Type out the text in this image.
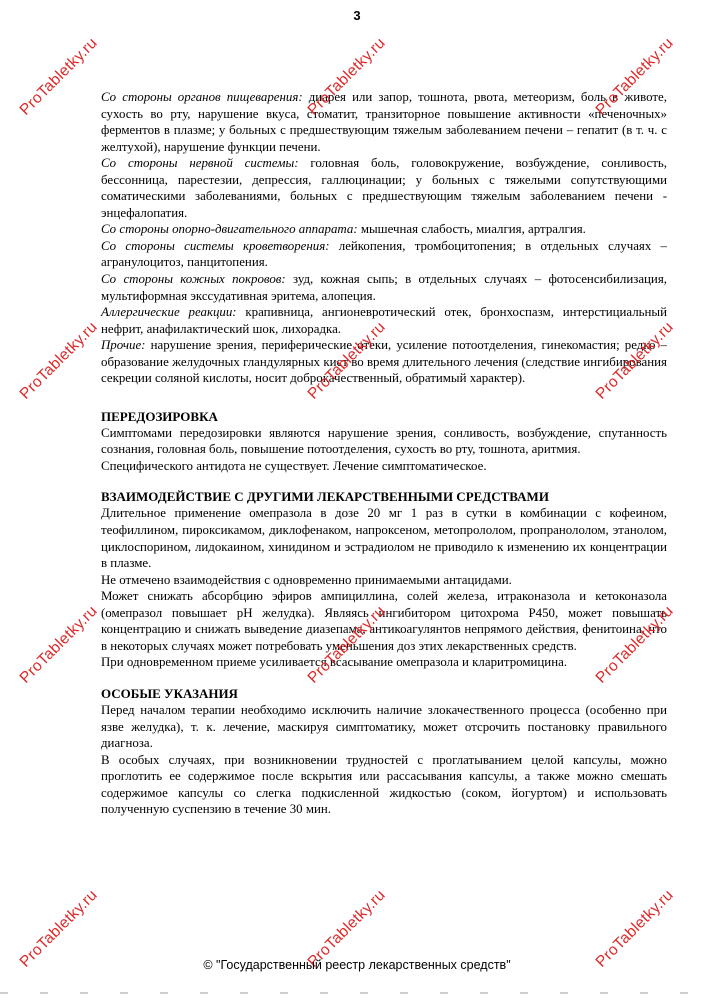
3

Со стороны органов пищеварения: диарея или запор, тошнота, рвота, метеоризм, боль в животе, сухость во рту, нарушение вкуса, стоматит, транзиторное повышение активности «печеночных» ферментов в плазме; у больных с предшествующим тяжелым заболеванием печени – гепатит (в т. ч. с желтухой), нарушение функции печени.

Со стороны нервной системы: головная боль, головокружение, возбуждение, сонливость, бессонница, парестезии, депрессия, галлюцинации; у больных с тяжелыми сопутствующими соматическими заболеваниями, больных с предшествующим тяжелым заболеванием печени - энцефалопатия.

Со стороны опорно-двигательного аппарата: мышечная слабость, миалгия, артралгия.

Со стороны системы кроветворения: лейкопения, тромбоцитопения; в отдельных случаях – агранулоцитоз, панцитопения.

Со стороны кожных покровов: зуд, кожная сыпь; в отдельных случаях – фотосенсибилизация, мультиформная экссудативная эритема, алопеция.

Аллергические реакции: крапивница, ангионевротический отек, бронхоспазм, интерстициальный нефрит, анафилактический шок, лихорадка.

Прочие: нарушение зрения, периферические отеки, усиление потоотделения, гинекомастия; редко – образование желудочных гландулярных кист во время длительного лечения (следствие ингибирования секреции соляной кислоты, носит доброкачественный, обратимый характер).

ПЕРЕДОЗИРОВКА

Симптомами передозировки являются нарушение зрения, сонливость, возбуждение, спутанность сознания, головная боль, повышение потоотделения, сухость во рту, тошнота, аритмия.

Специфического антидота не существует. Лечение симптоматическое.

ВЗАИМОДЕЙСТВИЕ С ДРУГИМИ ЛЕКАРСТВЕННЫМИ СРЕДСТВАМИ

Длительное применение омепразола в дозе 20 мг 1 раз в сутки в комбинации с кофеином, теофиллином, пироксикамом, диклофенаком, напроксеном, метопрололом, пропранололом, этанолом, циклоспорином, лидокаином, хинидином и эстрадиолом не приводило к изменению их концентрации в плазме.

Не отмечено взаимодействия с одновременно принимаемыми антацидами.

Может снижать абсорбцию эфиров ампициллина, солей железа, итраконазола и кетоконазола (омепразол повышает pH желудка). Являясь ингибитором цитохрома P450, может повышать концентрацию и снижать выведение диазепама, антикоагулянтов непрямого действия, фенитоина, что в некоторых случаях может потребовать уменьшения доз этих лекарственных средств.

При одновременном приеме усиливается всасывание омепразола и кларитромицина.

ОСОБЫЕ УКАЗАНИЯ

Перед началом терапии необходимо исключить наличие злокачественного процесса (особенно при язве желудка), т. к. лечение, маскируя симптоматику, может отсрочить постановку правильного диагноза.

В особых случаях, при возникновении трудностей с проглатыванием целой капсулы, можно проглотить ее содержимое после вскрытия или рассасывания капсулы, а также можно смешать содержимое капсулы со слегка подкисленной жидкостью (соком, йогуртом) и использовать полученную суспензию в течение 30 мин.

ProTabletky.ru	ProTabletky.ru	ProTabletky.ru
ProTabletky.ru	ProTabletky.ru	ProTabletky.ru
ProTabletky.ru	ProTabletky.ru	ProTabletky.ru
ProTabletky.ru	ProTabletky.ru	ProTabletky.ru
© "Государственный реестр лекарственных средств"
